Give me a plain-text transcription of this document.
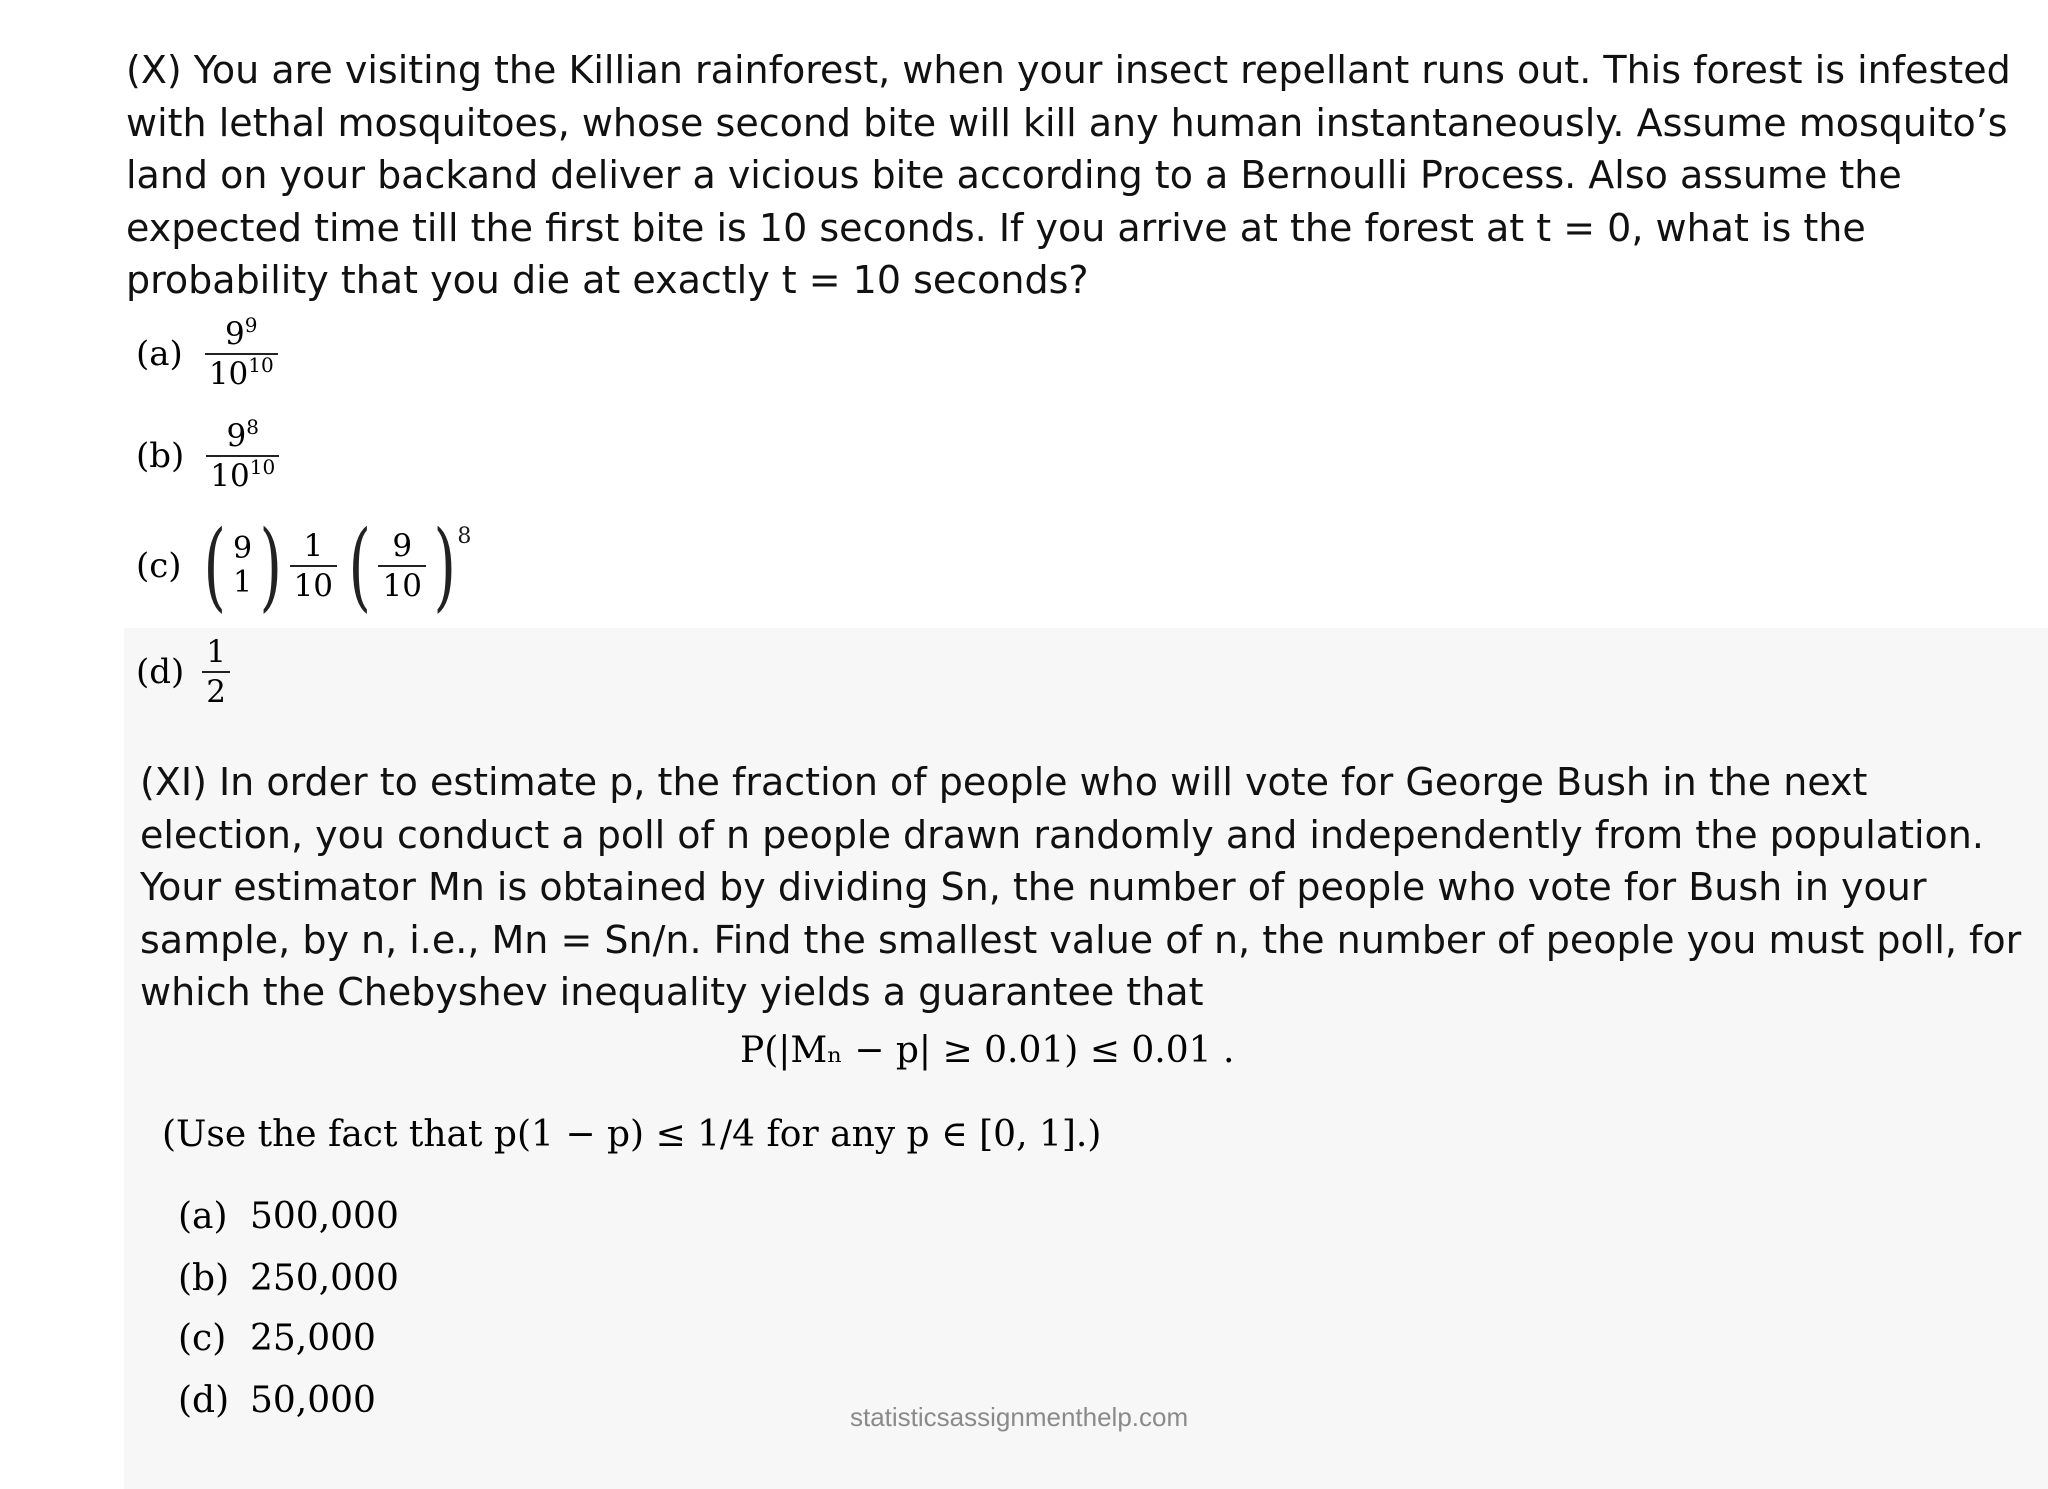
(X) You are visiting the Killian rainforest, when your insect repellant runs out. This forest is infested with lethal mosquitoes, whose second bite will kill any human instantaneously. Assume mosquito’s land on your backand deliver a vicious bite according to a Bernoulli Process. Also assume the expected time till the first bite is 10 seconds. If you arrive at the forest at t = 0, what is the probability that you die at exactly t = 10 seconds?

$(a) \frac{9^9}{10^{10}}$
$(b) \frac{9^8}{10^{10}}$
(c) ( 9
1 ) $\frac{1}{10}$ ( $\frac{9}{10}$ ) 8
$(d) \frac{1}{2}$

(XI) In order to estimate p, the fraction of people who will vote for George Bush in the next election, you conduct a poll of n people drawn randomly and independently from the population. Your estimator Mn is obtained by dividing Sn, the number of people who vote for Bush in your sample, by n, i.e., Mn = Sn/n. Find the smallest value of n, the number of people you must poll, for which the Chebyshev inequality yields a guarantee that

P(|Mₙ − p| ≥ 0.01) ≤ 0.01 .
(Use the fact that p(1 − p) ≤ 1/4 for any p ∈ [0, 1].)
(a) 500,000
(b) 250,000
(c) 25,000
(d) 50,000	statisticsassignmenthelp.com
